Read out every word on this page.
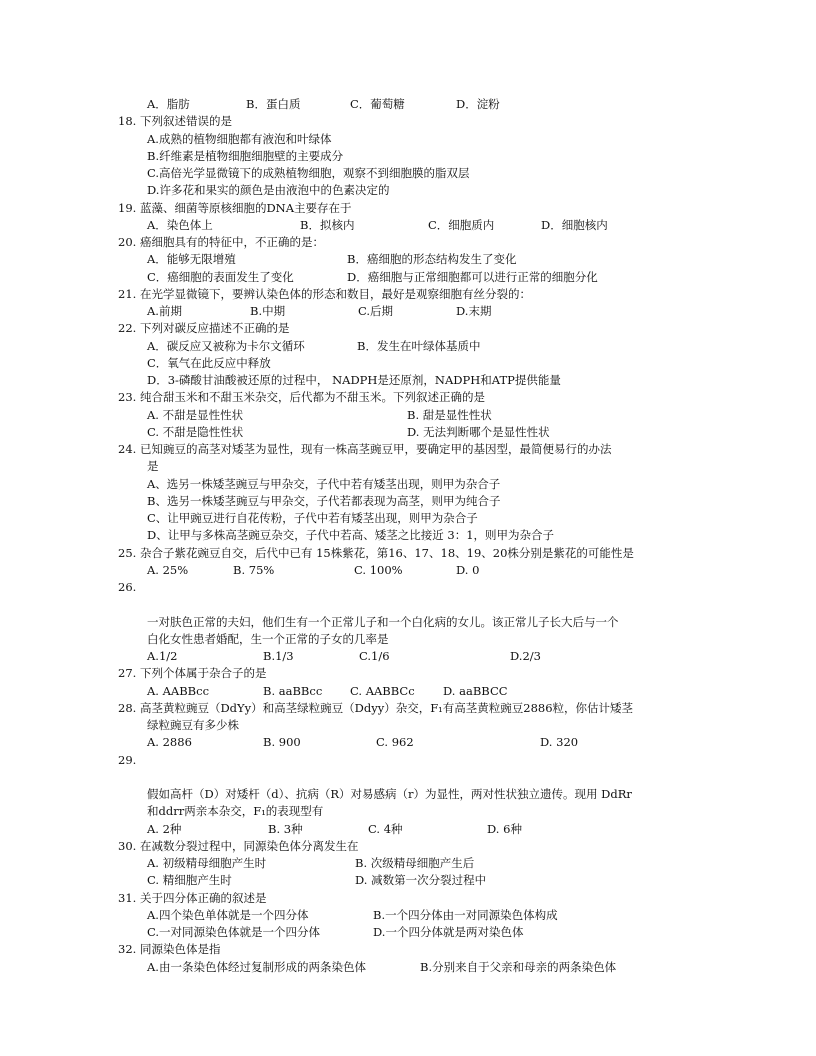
A．脂肪	B．蛋白质	C．葡萄糖	D．淀粉
18. 下列叙述错误的是
A.成熟的植物细胞都有液泡和叶绿体
B.纤维素是植物细胞细胞壁的主要成分
C.高倍光学显微镜下的成熟植物细胞，观察不到细胞膜的脂双层
D.许多花和果实的颜色是由液泡中的色素决定的
19. 蓝藻、细菌等原核细胞的DNA主要存在于
A．染色体上	B．拟核内	C．细胞质内	D．细胞核内
20. 癌细胞具有的特征中，不正确的是：
A．能够无限增殖	B．癌细胞的形态结构发生了变化
C．癌细胞的表面发生了变化	D．癌细胞与正常细胞都可以进行正常的细胞分化
21. 在光学显微镜下，要辨认染色体的形态和数目，最好是观察细胞有丝分裂的：
A.前期	B.中期	C.后期	D.末期
22. 下列对碳反应描述不正确的是
A．碳反应又被称为卡尔文循环	B．发生在叶绿体基质中
C．氧气在此反应中释放
D．3-磷酸甘油酸被还原的过程中， NADPH是还原剂，NADPH和ATP提供能量
23. 纯合甜玉米和不甜玉米杂交，后代都为不甜玉米。下列叙述正确的是
A. 不甜是显性性状	B. 甜是显性性状
C. 不甜是隐性性状	D. 无法判断哪个是显性性状
24. 已知豌豆的高茎对矮茎为显性，现有一株高茎豌豆甲，要确定甲的基因型，最简便易行的办法
是
A、选另一株矮茎豌豆与甲杂交，子代中若有矮茎出现，则甲为杂合子
B、选另一株矮茎豌豆与甲杂交，子代若都表现为高茎，则甲为纯合子
C、让甲豌豆进行自花传粉，子代中若有矮茎出现，则甲为杂合子
D、让甲与多株高茎豌豆杂交，子代中若高、矮茎之比接近 3：1，则甲为杂合子
25. 杂合子紫花豌豆自交，后代中已有 15株紫花，第16、17、18、19、20株分别是紫花的可能性是
A. 25%	B. 75%	C. 100%	D. 0
26.
一对肤色正常的夫妇，他们生有一个正常儿子和一个白化病的女儿。该正常儿子长大后与一个
白化女性患者婚配，生一个正常的子女的几率是
A.1/2	B.1/3	C.1/6	D.2/3
27. 下列个体属于杂合子的是
A. AABBcc	B. aaBBcc C. AABBCc D. aaBBCC
28. 高茎黄粒豌豆（DdYy）和高茎绿粒豌豆（Ddyy）杂交，F₁有高茎黄粒豌豆2886粒，你估计矮茎
绿粒豌豆有多少株
A. 2886	B. 900	C. 962	D. 320
29.
假如高杆（D）对矮杆（d）、抗病（R）对易感病（r）为显性，两对性状独立遗传。现用 DdRr
和ddrr两亲本杂交，F₁的表现型有
A. 2种	B. 3种	C. 4种	D. 6种
30. 在减数分裂过程中，同源染色体分离发生在
A. 初级精母细胞产生时	B. 次级精母细胞产生后
C. 精细胞产生时	D. 减数第一次分裂过程中
31. 关于四分体正确的叙述是
A.四个染色单体就是一个四分体	B.一个四分体由一对同源染色体构成
C.一对同源染色体就是一个四分体	D.一个四分体就是两对染色体
32. 同源染色体是指
A.由一条染色体经过复制形成的两条染色体	B.分别来自于父亲和母亲的两条染色体
